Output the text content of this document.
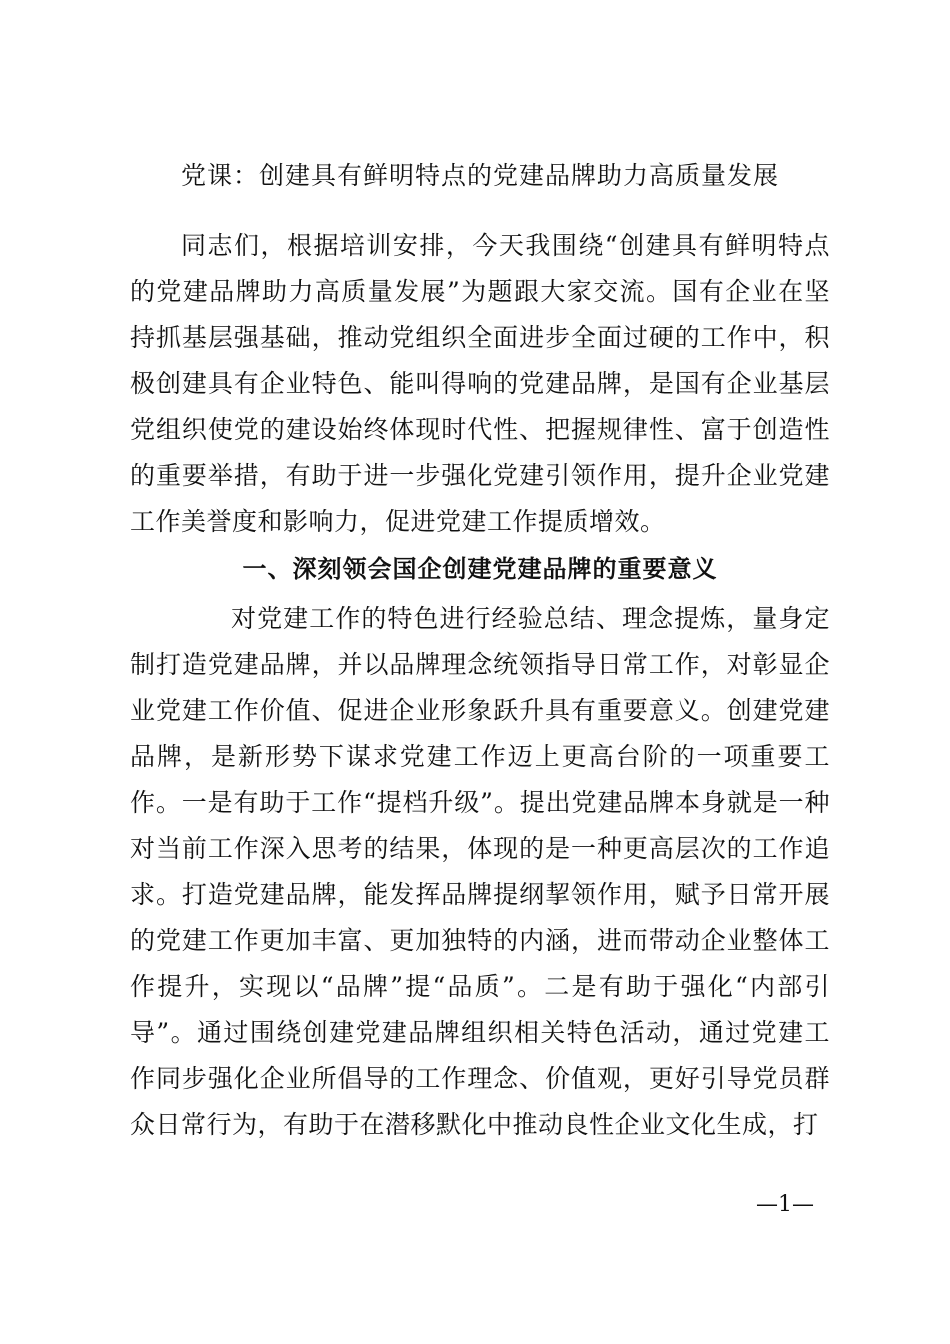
党课：创建具有鲜明特点的党建品牌助力高质量发展

同志们，根据培训安排，今天我围绕“创建具有鲜明特点的党建品牌助力高质量发展”为题跟大家交流。国有企业在坚持抓基层强基础，推动党组织全面进步全面过硬的工作中，积极创建具有企业特色、能叫得响的党建品牌，是国有企业基层党组织使党的建设始终体现时代性、把握规律性、富于创造性的重要举措，有助于进一步强化党建引领作用，提升企业党建工作美誉度和影响力，促进党建工作提质增效。

一、深刻领会国企创建党建品牌的重要意义

对党建工作的特色进行经验总结、理念提炼，量身定制打造党建品牌，并以品牌理念统领指导日常工作，对彰显企业党建工作价值、促进企业形象跃升具有重要意义。创建党建品牌，是新形势下谋求党建工作迈上更高台阶的一项重要工作。一是有助于工作“提档升级”。提出党建品牌本身就是一种对当前工作深入思考的结果，体现的是一种更高层次的工作追求。打造党建品牌，能发挥品牌提纲挈领作用，赋予日常开展的党建工作更加丰富、更加独特的内涵，进而带动企业整体工作提升，实现以“品牌”提“品质”。二是有助于强化“内部引导”。通过围绕创建党建品牌组织相关特色活动，通过党建工作同步强化企业所倡导的工作理念、价值观，更好引导党员群众日常行为，有助于在潜移默化中推动良性企业文化生成，打

—1—
